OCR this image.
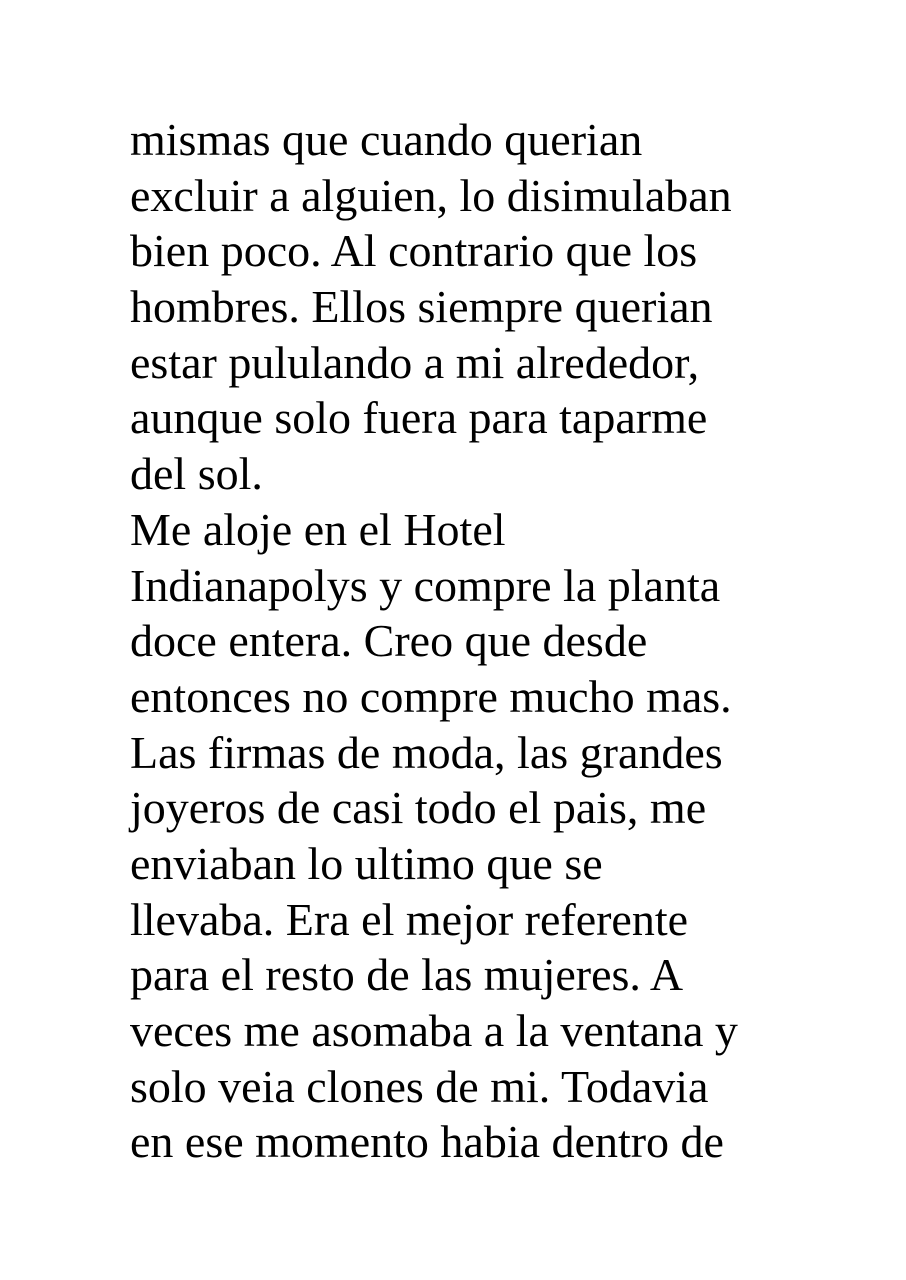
mismas que cuando querian
excluir a alguien, lo disimulaban
bien poco. Al contrario que los
hombres. Ellos siempre querian
estar pululando a mi alrededor,
aunque solo fuera para taparme
del sol.
Me aloje en el Hotel
Indianapolys y compre la planta
doce entera. Creo que desde
entonces no compre mucho mas.
Las firmas de moda, las grandes
joyeros de casi todo el pais, me
enviaban lo ultimo que se
llevaba. Era el mejor referente
para el resto de las mujeres. A
veces me asomaba a la ventana y
solo veia clones de mi. Todavia
en ese momento habia dentro de
